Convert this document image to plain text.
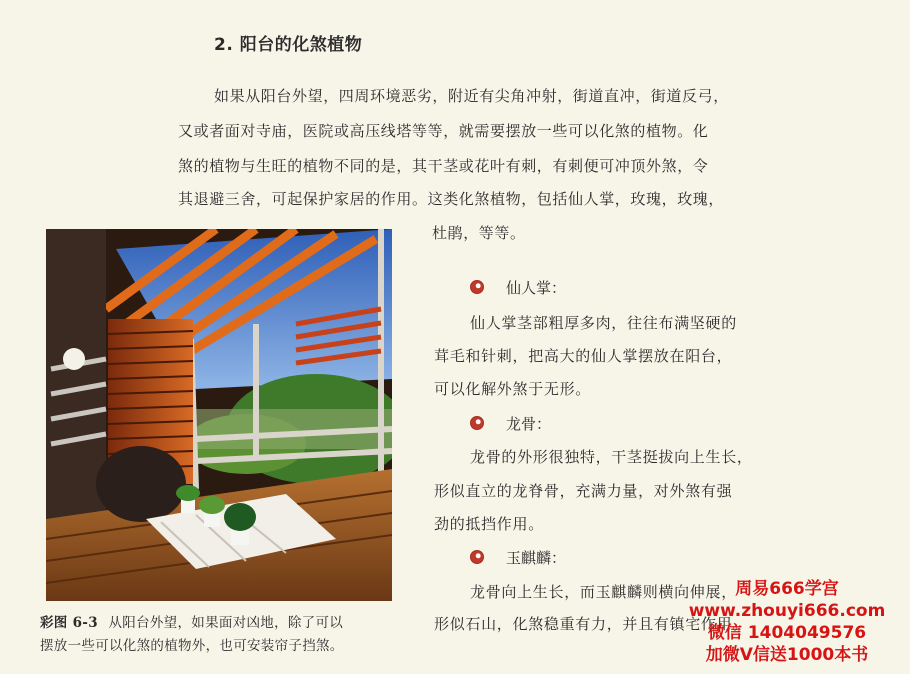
2. 阳台的化煞植物

如果从阳台外望，四周环境恶劣，附近有尖角冲射，街道直冲，街道反弓，

又或者面对寺庙，医院或高压线塔等等，就需要摆放一些可以化煞的植物。化

煞的植物与生旺的植物不同的是，其干茎或花叶有刺，有刺便可冲顶外煞，令

其退避三舍，可起保护家居的作用。这类化煞植物，包括仙人掌，玫瑰，玫瑰，

杜鹃，等等。

彩图 6-3 从阳台外望，如果面对凶地，除了可以
摆放一些可以化煞的植物外，也可安装帘子挡煞。

仙人掌：

仙人掌茎部粗厚多肉，往往布满坚硬的

茸毛和针刺，把高大的仙人掌摆放在阳台，

可以化解外煞于无形。

龙骨：

龙骨的外形很独特，干茎挺拔向上生长，

形似直立的龙脊骨，充满力量，对外煞有强

劲的抵挡作用。

玉麒麟：

龙骨向上生长，而玉麒麟则横向伸展，

形似石山，化煞稳重有力，并且有镇宅作用。

周易666学宫
www.zhouyi666.com
微信 1404049576
加微V信送1000本书
